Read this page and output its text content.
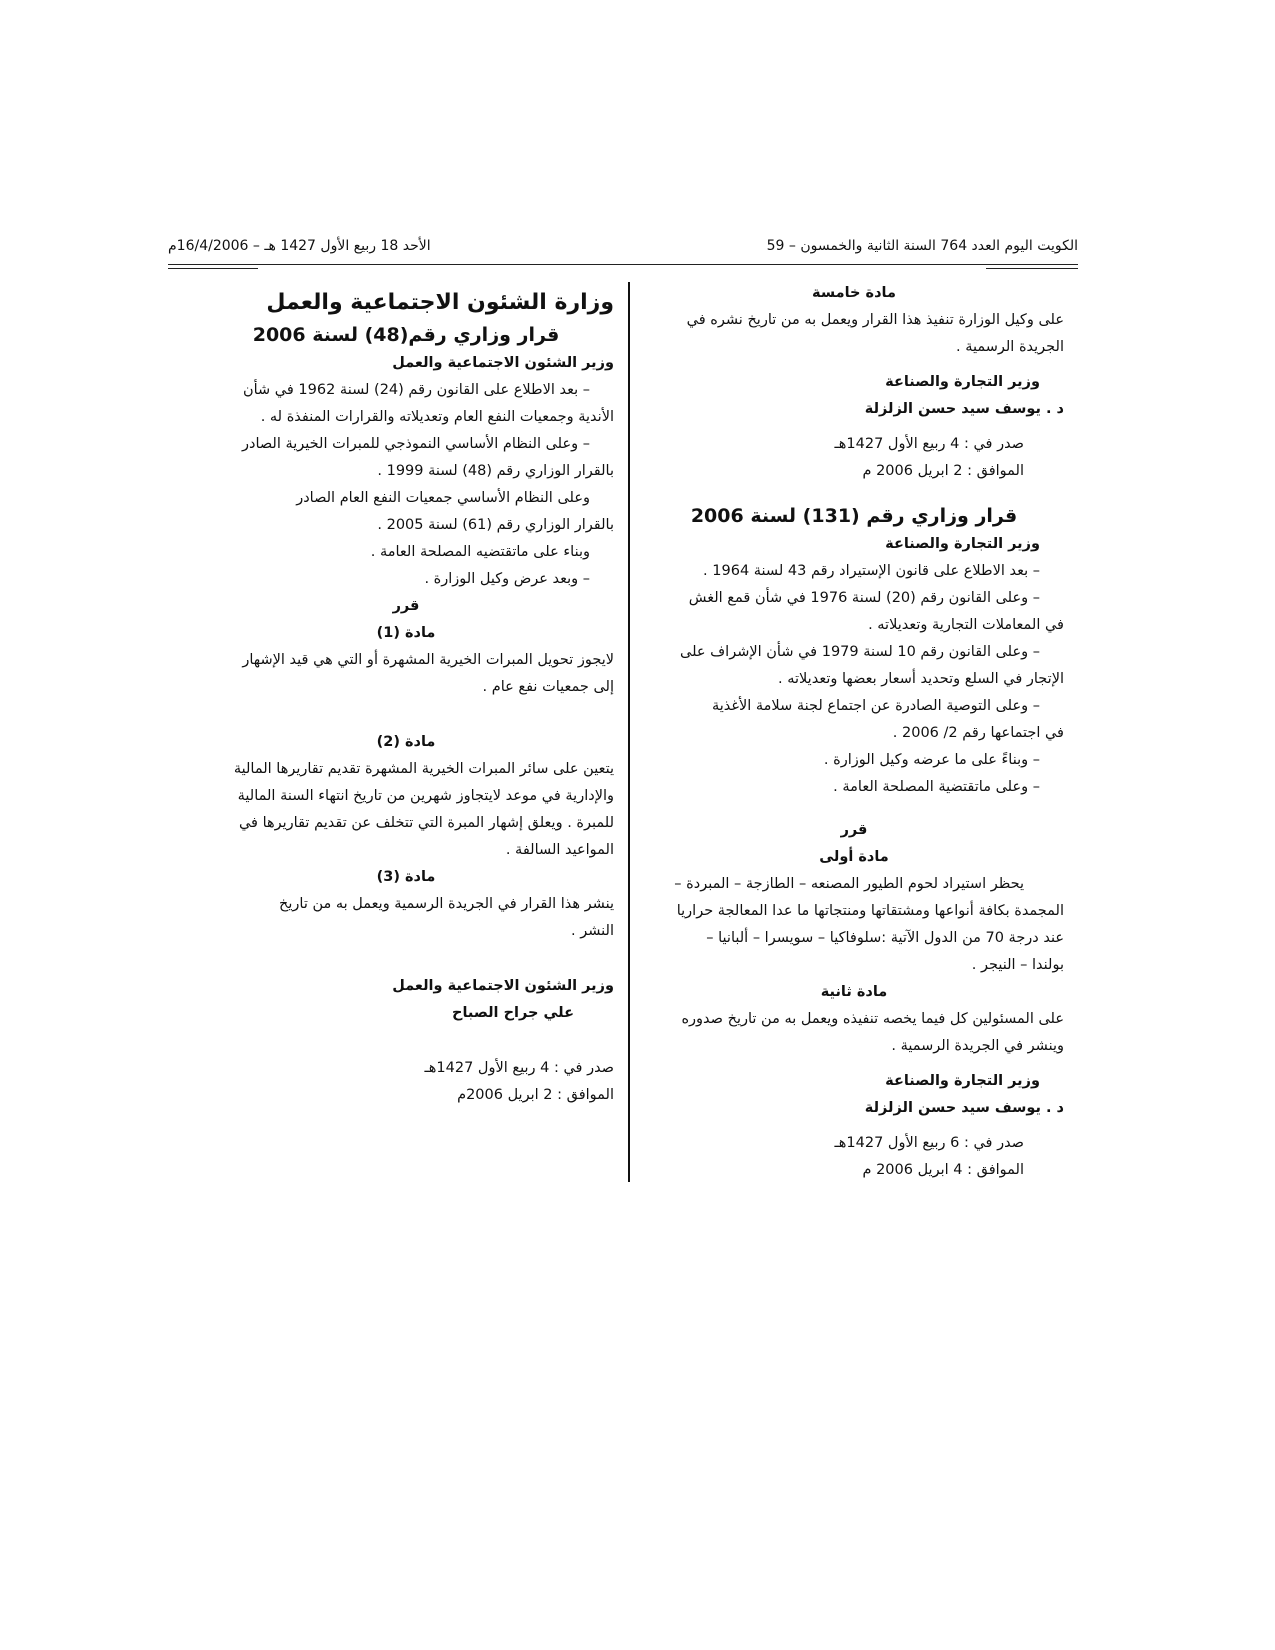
الكويت اليوم العدد 764 السنة الثانية والخمسون – 59
الأحد 18 ربيع الأول 1427 هـ – 16/4/2006م

مادة خامسة

على وكيل الوزارة تنفيذ هذا القرار ويعمل به من تاريخ نشره في

الجريدة الرسمية .

وزير التجارة والصناعة

د . يوسف سيد حسن الزلزلة

صدر في : 4 ربيع الأول 1427هـ

الموافق : 2 ابريل 2006 م

قرار وزاري رقم (131) لسنة 2006

وزير التجارة والصناعة

– بعد الاطلاع على قانون الإستيراد رقم 43 لسنة 1964 .

– وعلى القانون رقم (20) لسنة 1976 في شأن قمع الغش

في المعاملات التجارية وتعديلاته .

– وعلى القانون رقم 10 لسنة 1979 في شأن الإشراف على

الإتجار في السلع وتحديد أسعار بعضها وتعديلاته .

– وعلى التوصية الصادرة عن اجتماع لجنة سلامة الأغذية

في اجتماعها رقم 2/ 2006 .

– وبناءً على ما عرضه وكيل الوزارة .

– وعلى ماتقتضية المصلحة العامة .

قرر

مادة أولى

يحظر استيراد لحوم الطيور المصنعه – الطازجة – المبردة –

المجمدة بكافة أنواعها ومشتقاتها ومنتجاتها ما عدا المعالجة حراريا

عند درجة 70 من الدول الآتية :سلوفاكيا – سويسرا – ألبانيا –

بولندا – النيجر .

مادة ثانية

على المسئولين كل فيما يخصه تنفيذه ويعمل به من تاريخ صدوره

وينشر في الجريدة الرسمية .

وزير التجارة والصناعة

د . يوسف سيد حسن الزلزلة

صدر في : 6 ربيع الأول 1427هـ

الموافق : 4 ابريل 2006 م

وزارة الشئون الاجتماعية والعمل

قرار وزاري رقم(48) لسنة 2006

وزير الشئون الاجتماعية والعمل

– بعد الاطلاع على القانون رقم (24) لسنة 1962 في شأن

الأندية وجمعيات النفع العام وتعديلاته والقرارات المنفذة له .

– وعلى النظام الأساسي النموذجي للمبرات الخيرية الصادر

بالقرار الوزاري رقم (48) لسنة 1999 .

وعلى النظام الأساسي جمعيات النفع العام الصادر

بالقرار الوزاري رقم (61) لسنة 2005 .

وبناء على ماتقتضيه المصلحة العامة .

– وبعد عرض وكيل الوزارة .

قرر

مادة (1)

لايجوز تحويل المبرات الخيرية المشهرة أو التي هي قيد الإشهار

إلى جمعيات نفع عام .

مادة (2)

يتعين على سائر المبرات الخيرية المشهرة تقديم تقاريرها المالية

والإدارية في موعد لايتجاوز شهرين من تاريخ انتهاء السنة المالية

للمبرة . ويعلق إشهار المبرة التي تتخلف عن تقديم تقاريرها في

المواعيد السالفة .

مادة (3)

ينشر هذا القرار في الجريدة الرسمية ويعمل به من تاريخ

النشر .

وزير الشئون الاجتماعية والعمل

علي جراح الصباح

صدر في : 4 ربيع الأول 1427هـ

الموافق : 2 ابريل 2006م
